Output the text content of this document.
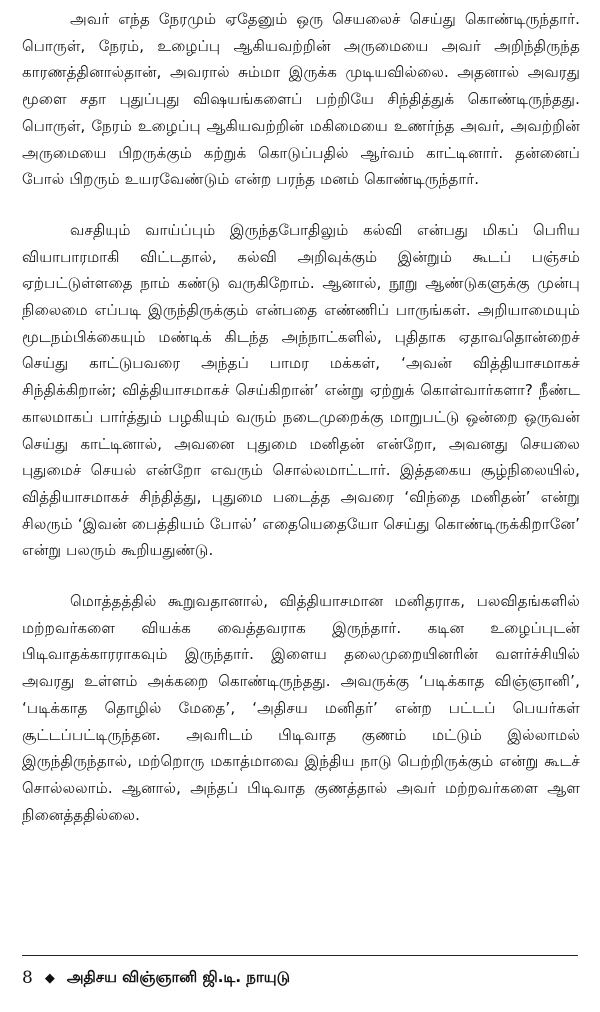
அவர் எந்த நேரமும் ஏதேனும் ஒரு செயலைச் செய்து கொண்டிருந்தார். பொருள், நேரம், உழைப்பு ஆகியவற்றின் அருமையை அவர் அறிந்திருந்த காரணத்தினால்தான், அவரால் சும்மா இருக்க முடியவில்லை. அதனால் அவரது மூளை சதா புதுப்புது விஷயங்களைப் பற்றியே சிந்தித்துக் கொண்டிருந்தது. பொருள், நேரம் உழைப்பு ஆகியவற்றின் மகிமையை உணர்ந்த அவர், அவற்றின் அருமையை பிறருக்கும் கற்றுக் கொடுப்பதில் ஆர்வம் காட்டினார். தன்னைப் போல் பிறரும் உயரவேண்டும் என்ற பரந்த மனம் கொண்டிருந்தார்.

வசதியும் வாய்ப்பும் இருந்தபோதிலும் கல்வி என்பது மிகப் பெரிய வியாபாரமாகி விட்டதால், கல்வி அறிவுக்கும் இன்றும் கூடப் பஞ்சம் ஏற்பட்டுள்ளதை நாம் கண்டு வருகிறோம். ஆனால், நூறு ஆண்டுகளுக்கு முன்பு நிலைமை எப்படி இருந்திருக்கும் என்பதை எண்ணிப் பாருங்கள். அறியாமையும் மூடநம்பிக்கையும் மண்டிக் கிடந்த அந்நாட்களில், புதிதாக ஏதாவதொன்றைச் செய்து காட்டுபவரை அந்தப் பாமர மக்கள், ‘அவன் வித்தியாசமாகச் சிந்திக்கிறான்; வித்தியாசமாகச் செய்கிறான்’ என்று ஏற்றுக் கொள்வார்களா? நீண்ட காலமாகப் பார்த்தும் பழகியும் வரும் நடைமுறைக்கு மாறுபட்டு ஒன்றை ஒருவன் செய்து காட்டினால், அவனை புதுமை மனிதன் என்றோ, அவனது செயலை புதுமைச் செயல் என்றோ எவரும் சொல்லமாட்டார். இத்தகைய சூழ்நிலையில், வித்தியாசமாகச் சிந்தித்து, புதுமை படைத்த அவரை ‘விந்தை மனிதன்’ என்று சிலரும் ‘இவன் பைத்தியம் போல்’ எதையெதையோ செய்து கொண்டிருக்கிறானே’ என்று பலரும் கூறியதுண்டு.

மொத்தத்தில் கூறுவதானால், வித்தியாசமான மனிதராக, பலவிதங்களில் மற்றவர்களை வியக்க வைத்தவராக இருந்தார். கடின உழைப்புடன் பிடிவாதக்காரராகவும் இருந்தார். இளைய தலைமுறையினரின் வளர்ச்சியில் அவரது உள்ளம் அக்கறை கொண்டிருந்தது. அவருக்கு ‘படிக்காத விஞ்ஞானி’, ‘படிக்காத தொழில் மேதை’, ‘அதிசய மனிதர்’ என்ற பட்டப் பெயர்கள் சூட்டப்பட்டிருந்தன. அவரிடம் பிடிவாத குணம் மட்டும் இல்லாமல் இருந்திருந்தால், மற்றொரு மகாத்மாவை இந்திய நாடு பெற்றிருக்கும் என்று கூடச் சொல்லலாம். ஆனால், அந்தப் பிடிவாத குணத்தால் அவர் மற்றவர்களை ஆள நினைத்ததில்லை.

8 ◆ அதிசய விஞ்ஞானி ஜி.டி. நாயுடு
